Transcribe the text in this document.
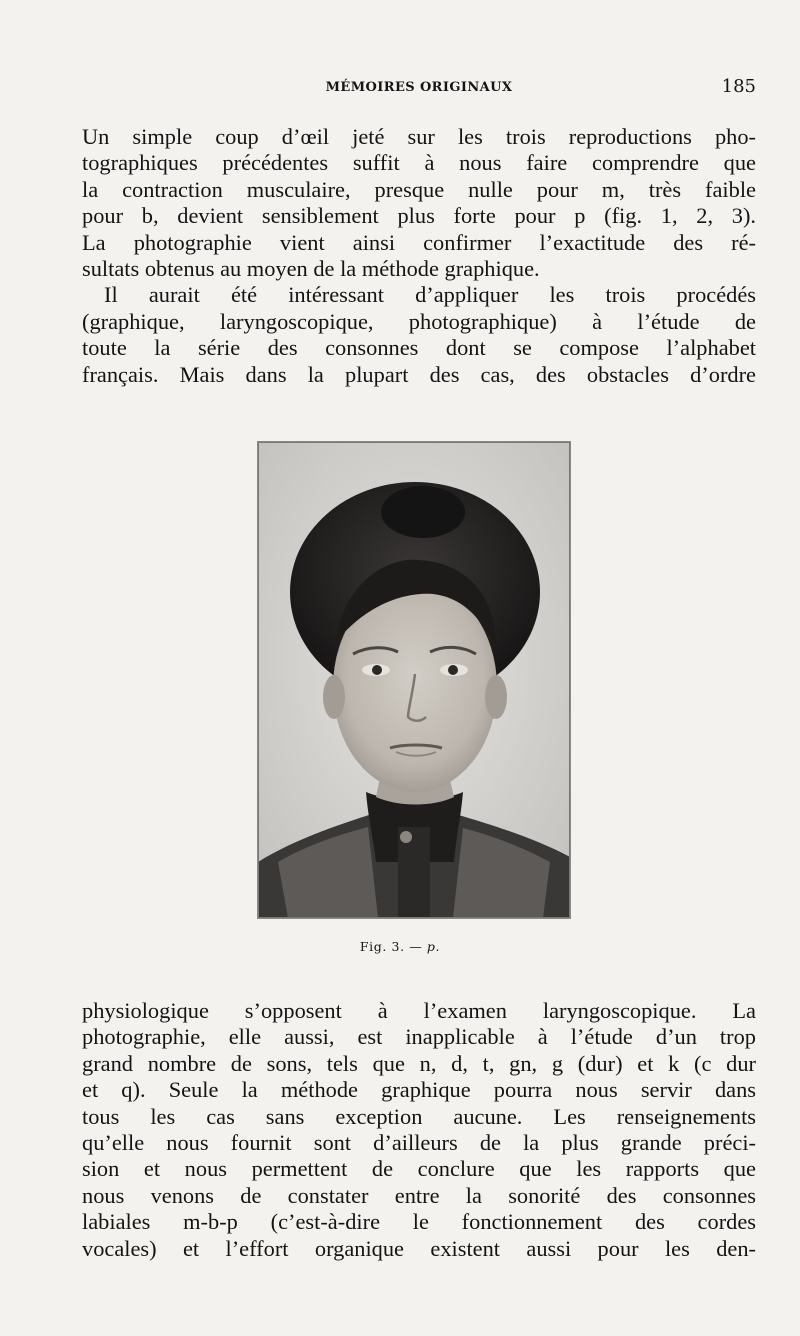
MÉMOIRES ORIGINAUX	185
Un simple coup d’œil jeté sur les trois reproductions pho-
tographiques précédentes suffit à nous faire comprendre que
la contraction musculaire, presque nulle pour m, très faible
pour b, devient sensiblement plus forte pour p (fig. 1, 2, 3).
La photographie vient ainsi confirmer l’exactitude des ré-
sultats obtenus au moyen de la méthode graphique.
Il aurait été intéressant d’appliquer les trois procédés
(graphique, laryngoscopique, photographique) à l’étude de
toute la série des consonnes dont se compose l’alphabet
français. Mais dans la plupart des cas, des obstacles d’ordre
Fig. 3. — p.
physiologique s’opposent à l’examen laryngoscopique. La
photographie, elle aussi, est inapplicable à l’étude d’un trop
grand nombre de sons, tels que n, d, t, gn, g (dur) et k (c dur
et q). Seule la méthode graphique pourra nous servir dans
tous les cas sans exception aucune. Les renseignements
qu’elle nous fournit sont d’ailleurs de la plus grande préci-
sion et nous permettent de conclure que les rapports que
nous venons de constater entre la sonorité des consonnes
labiales m-b-p (c’est-à-dire le fonctionnement des cordes
vocales) et l’effort organique existent aussi pour les den-
